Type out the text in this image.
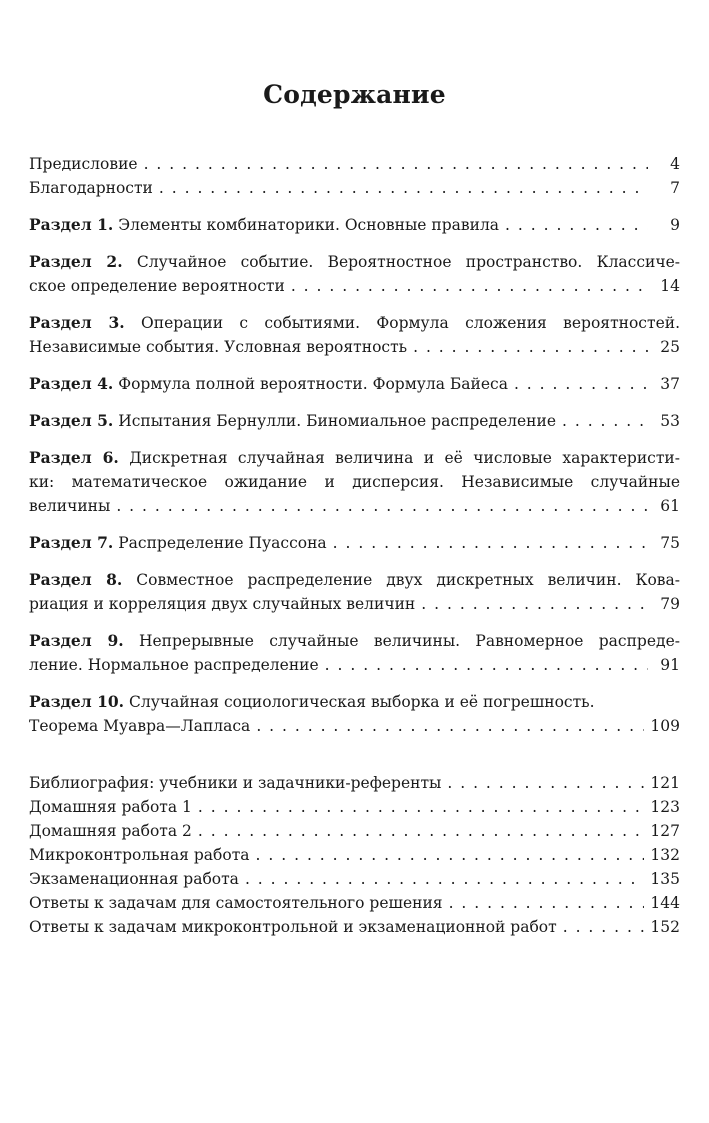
Содержание
Предисловие . . .	4
Благодарности . . .	7
Раздел 1. Элементы комбинаторики. Основные правила . . .	9
Раздел 2. Случайное событие. Вероятностное пространство. Классиче-
ское определение вероятности . . .	14
Раздел 3. Операции с событиями. Формула сложения вероятностей.
Независимые события. Условная вероятность . . .	25
Раздел 4. Формула полной вероятности. Формула Байеса . . .	37
Раздел 5. Испытания Бернулли. Биномиальное распределение . . .	53
Раздел 6. Дискретная случайная величина и её числовые характеристи-
ки: математическое ожидание и дисперсия. Независимые случайные
величины . . .	61
Раздел 7. Распределение Пуассона . . .	75
Раздел 8. Совместное распределение двух дискретных величин. Кова-
риация и корреляция двух случайных величин . . .	79
Раздел 9. Непрерывные случайные величины. Равномерное распреде-
ление. Нормальное распределение . . .	91
Раздел 10. Случайная социологическая выборка и её погрешность.
Теорема Муавра—Лапласа . . .	109
Библиография: учебники и задачники-референты . . .	121
Домашняя работа 1 . . .	123
Домашняя работа 2 . . .	127
Микроконтрольная работа . . .	132
Экзаменационная работа . . .	135
Ответы к задачам для самостоятельного решения . . .	144
Ответы к задачам микроконтрольной и экзаменационной работ . . .	152
